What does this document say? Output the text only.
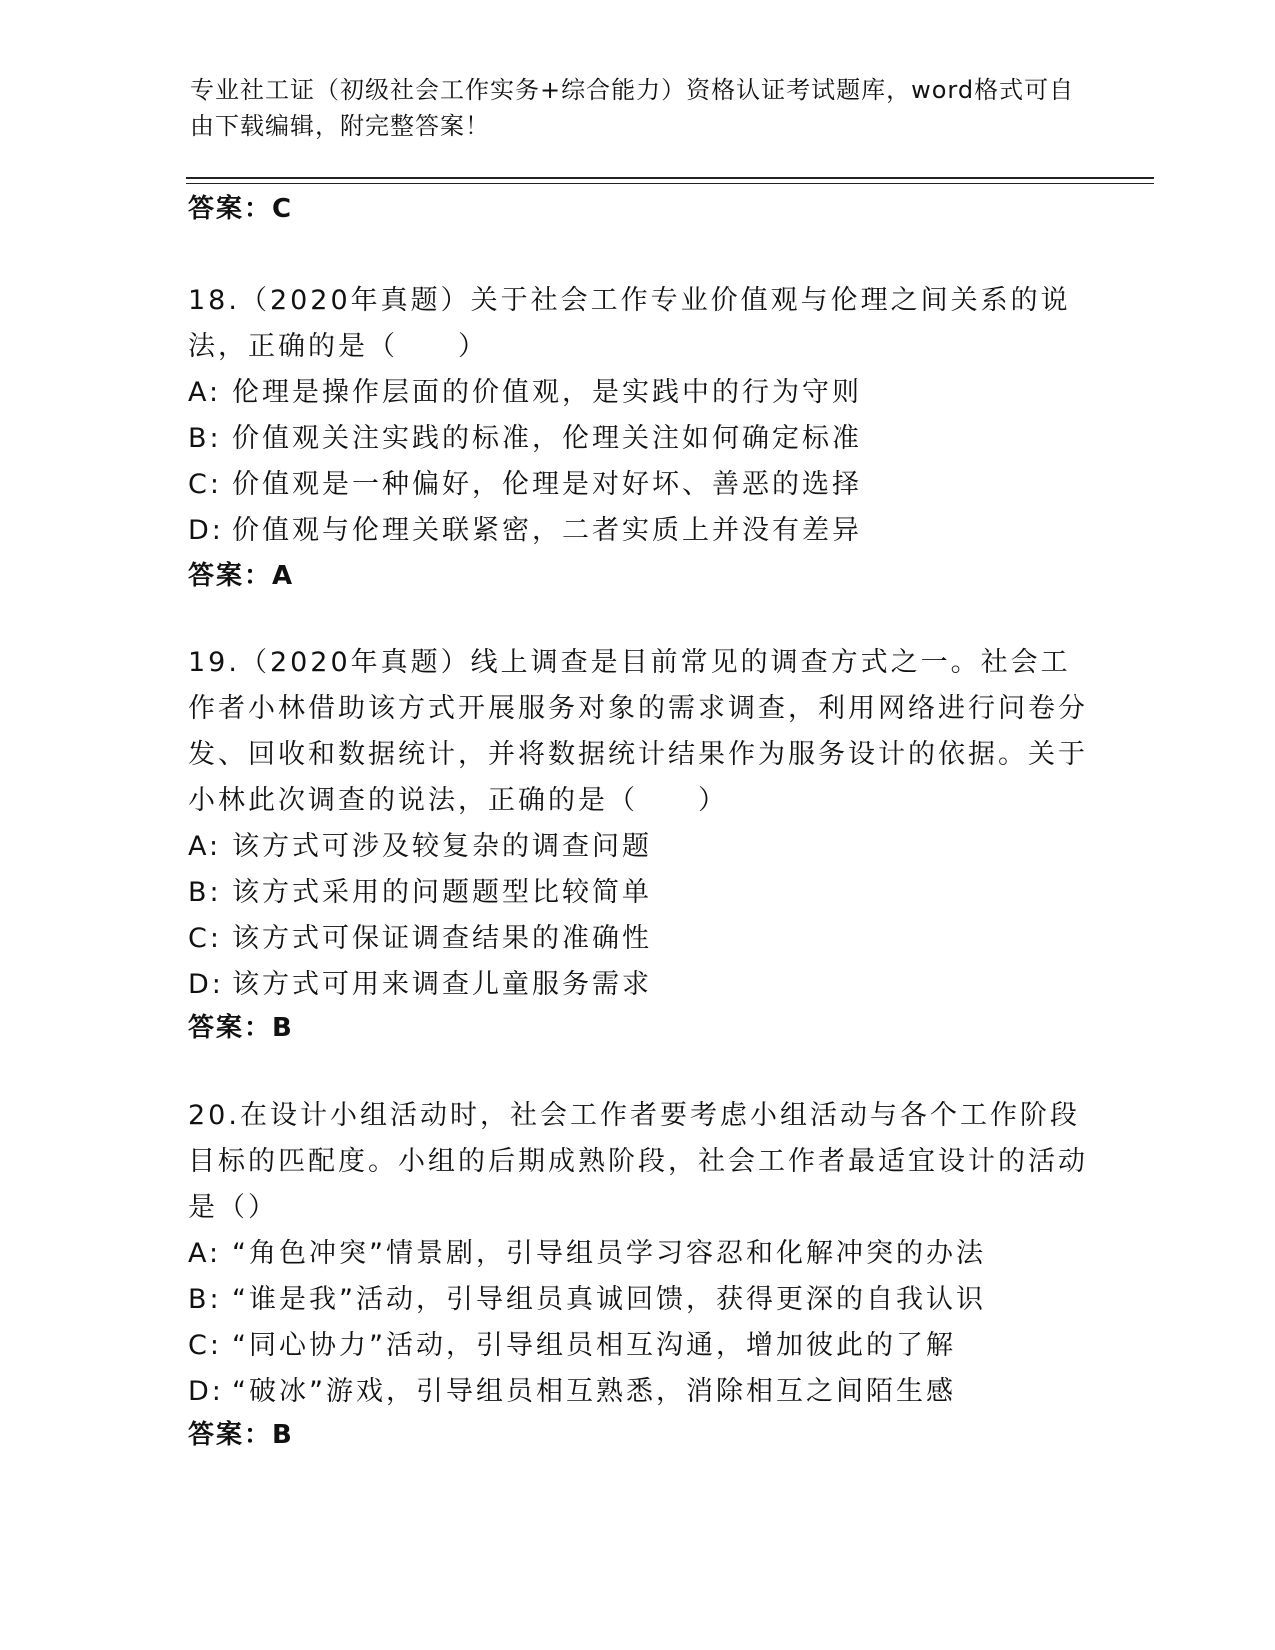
专业社工证（初级社会工作实务+综合能力）资格认证考试题库，word格式可自由下载编辑，附完整答案！
答案：C

18.（2020年真题）关于社会工作专业价值观与伦理之间关系的说法，正确的是（　　）

A: 伦理是操作层面的价值观，是实践中的行为守则

B: 价值观关注实践的标准，伦理关注如何确定标准

C: 价值观是一种偏好，伦理是对好坏、善恶的选择

D: 价值观与伦理关联紧密，二者实质上并没有差异

答案：A

19.（2020年真题）线上调查是目前常见的调查方式之一。社会工作者小林借助该方式开展服务对象的需求调查，利用网络进行问卷分发、回收和数据统计，并将数据统计结果作为服务设计的依据。关于小林此次调查的说法，正确的是（　　）

A: 该方式可涉及较复杂的调查问题

B: 该方式采用的问题题型比较简单

C: 该方式可保证调查结果的准确性

D: 该方式可用来调查儿童服务需求

答案：B

20.在设计小组活动时，社会工作者要考虑小组活动与各个工作阶段目标的匹配度。小组的后期成熟阶段，社会工作者最适宜设计的活动是（）

A: “角色冲突”情景剧，引导组员学习容忍和化解冲突的办法

B: “谁是我”活动，引导组员真诚回馈，获得更深的自我认识

C: “同心协力”活动，引导组员相互沟通，增加彼此的了解

D: “破冰”游戏，引导组员相互熟悉，消除相互之间陌生感

答案：B
